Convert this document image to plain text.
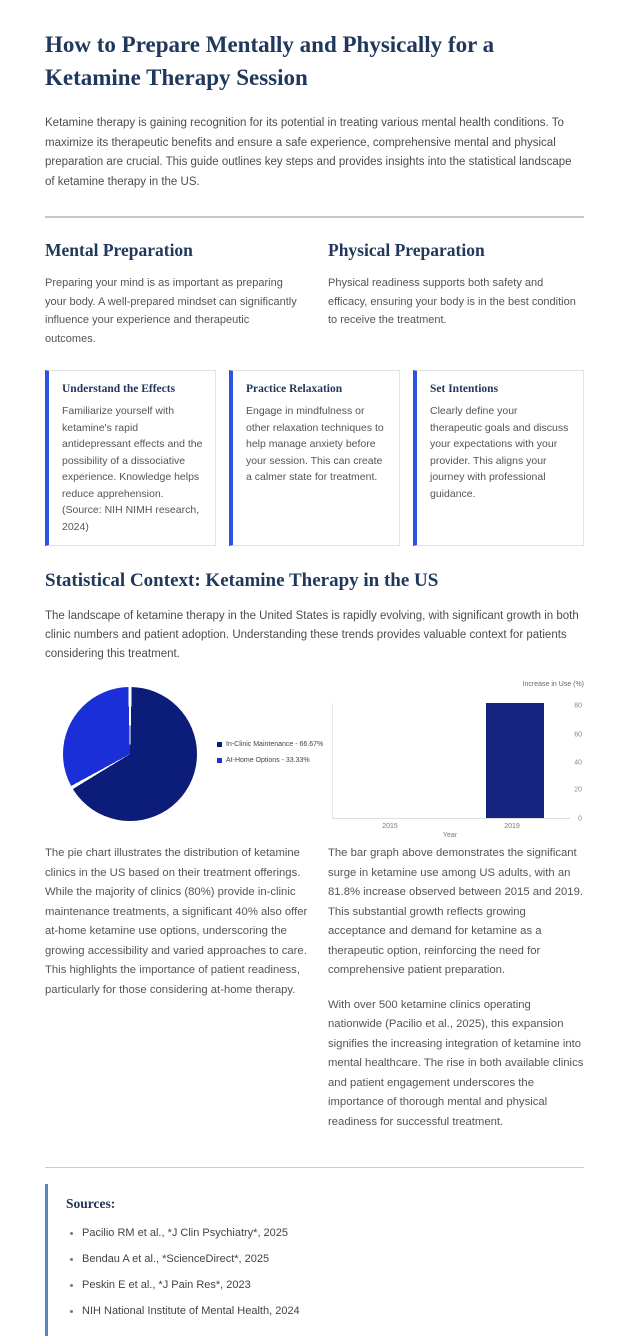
How to Prepare Mentally and Physically for a Ketamine Therapy Session

Ketamine therapy is gaining recognition for its potential in treating various mental health conditions. To maximize its therapeutic benefits and ensure a safe experience, comprehensive mental and physical preparation are crucial. This guide outlines key steps and provides insights into the statistical landscape of ketamine therapy in the US.

Mental Preparation

Preparing your mind is as important as preparing your body. A well-prepared mindset can significantly influence your experience and therapeutic outcomes.

Physical Preparation

Physical readiness supports both safety and efficacy, ensuring your body is in the best condition to receive the treatment.

Understand the Effects

Familiarize yourself with ketamine's rapid antidepressant effects and the possibility of a dissociative experience. Knowledge helps reduce apprehension. (Source: NIH NIMH research, 2024)

Practice Relaxation

Engage in mindfulness or other relaxation techniques to help manage anxiety before your session. This can create a calmer state for treatment.

Set Intentions

Clearly define your therapeutic goals and discuss your expectations with your provider. This aligns your journey with professional guidance.

Statistical Context: Ketamine Therapy in the US

The landscape of ketamine therapy in the United States is rapidly evolving, with significant growth in both clinic numbers and patient adoption. Understanding these trends provides valuable context for patients considering this treatment.

In-Clinic Maintenance - 66.67%
At-Home Options - 33.33%
Increase in Use (%)
80
60
40
20
0
2015	2019
Year

The pie chart illustrates the distribution of ketamine clinics in the US based on their treatment offerings. While the majority of clinics (80%) provide in-clinic maintenance treatments, a significant 40% also offer at-home ketamine use options, underscoring the growing accessibility and varied approaches to care. This highlights the importance of patient readiness, particularly for those considering at-home therapy.

The bar graph above demonstrates the significant surge in ketamine use among US adults, with an 81.8% increase observed between 2015 and 2019. This substantial growth reflects growing acceptance and demand for ketamine as a therapeutic option, reinforcing the need for comprehensive patient preparation.

With over 500 ketamine clinics operating nationwide (Pacilio et al., 2025), this expansion signifies the increasing integration of ketamine into mental healthcare. The rise in both available clinics and patient engagement underscores the importance of thorough mental and physical readiness for successful treatment.

Sources:
• Pacilio RM et al., *J Clin Psychiatry*, 2025
• Bendau A et al., *ScienceDirect*, 2025
• Peskin E et al., *J Pain Res*, 2023
• NIH National Institute of Mental Health, 2024
